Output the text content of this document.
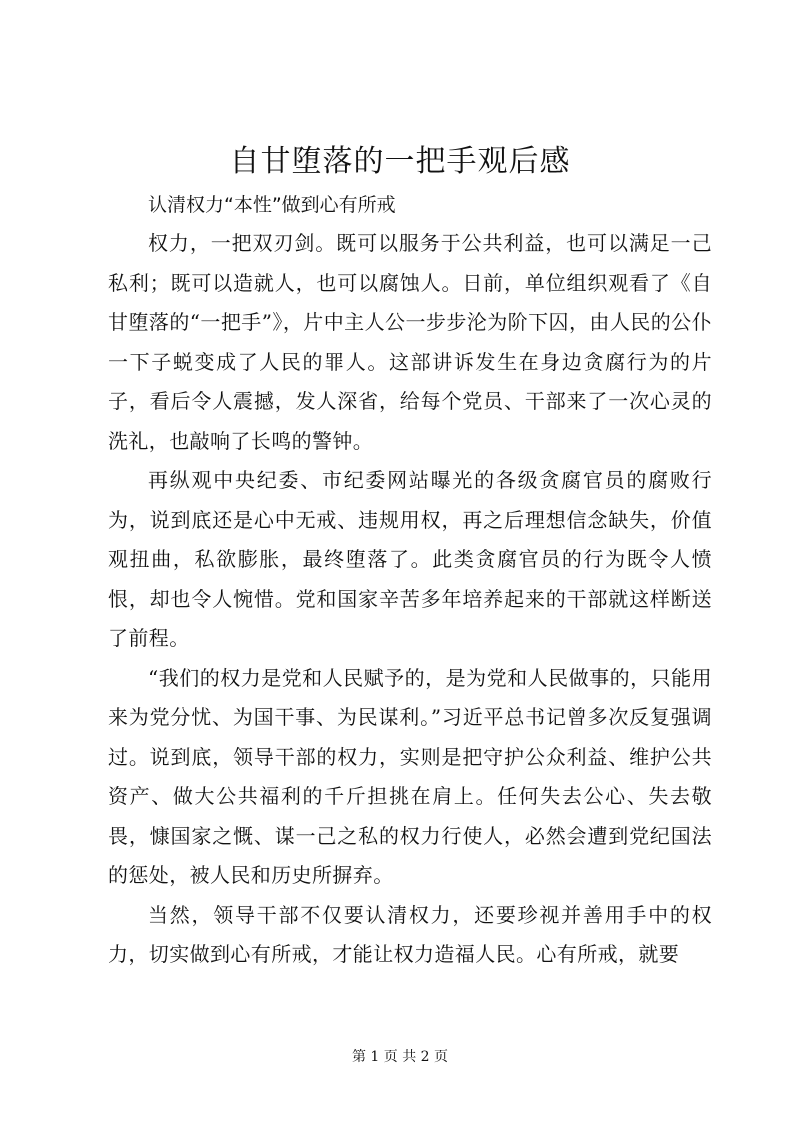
自甘堕落的一把手观后感

认清权力“本性”做到心有所戒

权力，一把双刃剑。既可以服务于公共利益，也可以满足一己私利；既可以造就人，也可以腐蚀人。日前，单位组织观看了《自甘堕落的“一把手”》，片中主人公一步步沦为阶下囚，由人民的公仆一下子蜕变成了人民的罪人。这部讲诉发生在身边贪腐行为的片子，看后令人震撼，发人深省，给每个党员、干部来了一次心灵的洗礼，也敲响了长鸣的警钟。

再纵观中央纪委、市纪委网站曝光的各级贪腐官员的腐败行为，说到底还是心中无戒、违规用权，再之后理想信念缺失，价值观扭曲，私欲膨胀，最终堕落了。此类贪腐官员的行为既令人愤恨，却也令人惋惜。党和国家辛苦多年培养起来的干部就这样断送了前程。

“我们的权力是党和人民赋予的，是为党和人民做事的，只能用来为党分忧、为国干事、为民谋利。”习近平总书记曾多次反复强调过。说到底，领导干部的权力，实则是把守护公众利益、维护公共资产、做大公共福利的千斤担挑在肩上。任何失去公心、失去敬畏，慷国家之慨、谋一己之私的权力行使人，必然会遭到党纪国法的惩处，被人民和历史所摒弃。

当然，领导干部不仅要认清权力，还要珍视并善用手中的权力，切实做到心有所戒，才能让权力造福人民。心有所戒，就要

第 1 页 共 2 页
